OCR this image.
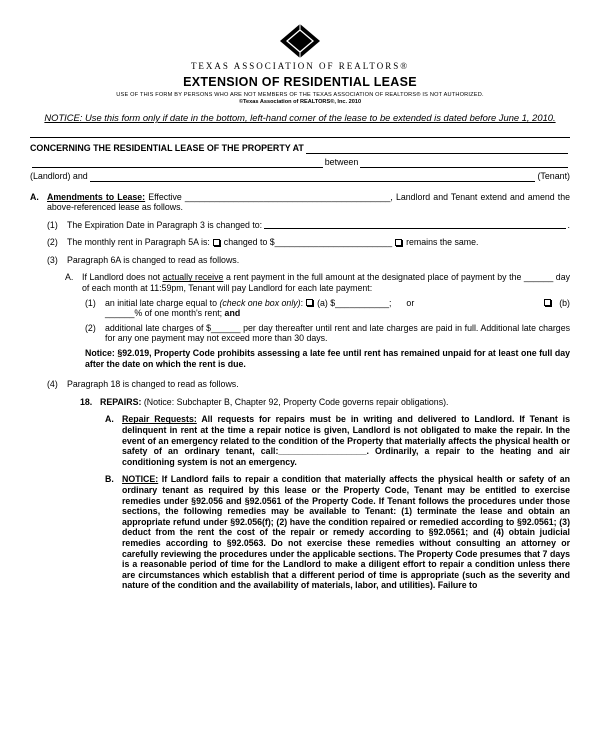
TEXAS ASSOCIATION OF REALTORS®
EXTENSION OF RESIDENTIAL LEASE
USE OF THIS FORM BY PERSONS WHO ARE NOT MEMBERS OF THE TEXAS ASSOCIATION OF REALTORS® IS NOT AUTHORIZED.
©Texas Association of REALTORS®, Inc. 2010
NOTICE: Use this form only if date in the bottom, left-hand corner of the lease to be extended is dated before June 1, 2010.
CONCERNING THE RESIDENTIAL LEASE OF THE PROPERTY AT
between
(Landlord) and	(Tenant)
A. Amendments to Lease: Effective __________________________________________, Landlord and Tenant extend and amend the above-referenced lease as follows.
(1)	The Expiration Date in Paragraph 3 is changed to:	.
(2)	The monthly rent in Paragraph 5A is: changed to $________________________ remains the same.
(3)	Paragraph 6A is changed to read as follows.
A. If Landlord does not actually receive a rent payment in the full amount at the designated place of payment by the ______ day of each month at 11:59pm, Tenant will pay Landlord for each late payment:
(1)	an initial late charge equal to (check one box only): (a) $___________; or	(b)
______% of one month's rent; and
(2)	additional late charges of $______ per day thereafter until rent and late charges are paid in full. Additional late charges for any one payment may not exceed more than 30 days.
Notice: §92.019, Property Code prohibits assessing a late fee until rent has remained unpaid for at least one full day after the date on which the rent is due.
(4)	Paragraph 18 is changed to read as follows.
18. REPAIRS: (Notice: Subchapter B, Chapter 92, Property Code governs repair obligations).
A. Repair Requests: All requests for repairs must be in writing and delivered to Landlord. If Tenant is delinquent in rent at the time a repair notice is given, Landlord is not obligated to make the repair. In the event of an emergency related to the condition of the Property that materially affects the physical health or safety of an ordinary tenant, call:__________________. Ordinarily, a repair to the heating and air conditioning system is not an emergency.
B. NOTICE: If Landlord fails to repair a condition that materially affects the physical health or safety of an ordinary tenant as required by this lease or the Property Code, Tenant may be entitled to exercise remedies under §92.056 and §92.0561 of the Property Code. If Tenant follows the procedures under those sections, the following remedies may be available to Tenant: (1) terminate the lease and obtain an appropriate refund under §92.056(f); (2) have the condition repaired or remedied according to §92.0561; (3) deduct from the rent the cost of the repair or remedy according to §92.0561; and (4) obtain judicial remedies according to §92.0563. Do not exercise these remedies without consulting an attorney or carefully reviewing the procedures under the applicable sections. The Property Code presumes that 7 days is a reasonable period of time for the Landlord to make a diligent effort to repair a condition unless there are circumstances which establish that a different period of time is appropriate (such as the severity and nature of the condition and the availability of materials, labor, and utilities). Failure to
